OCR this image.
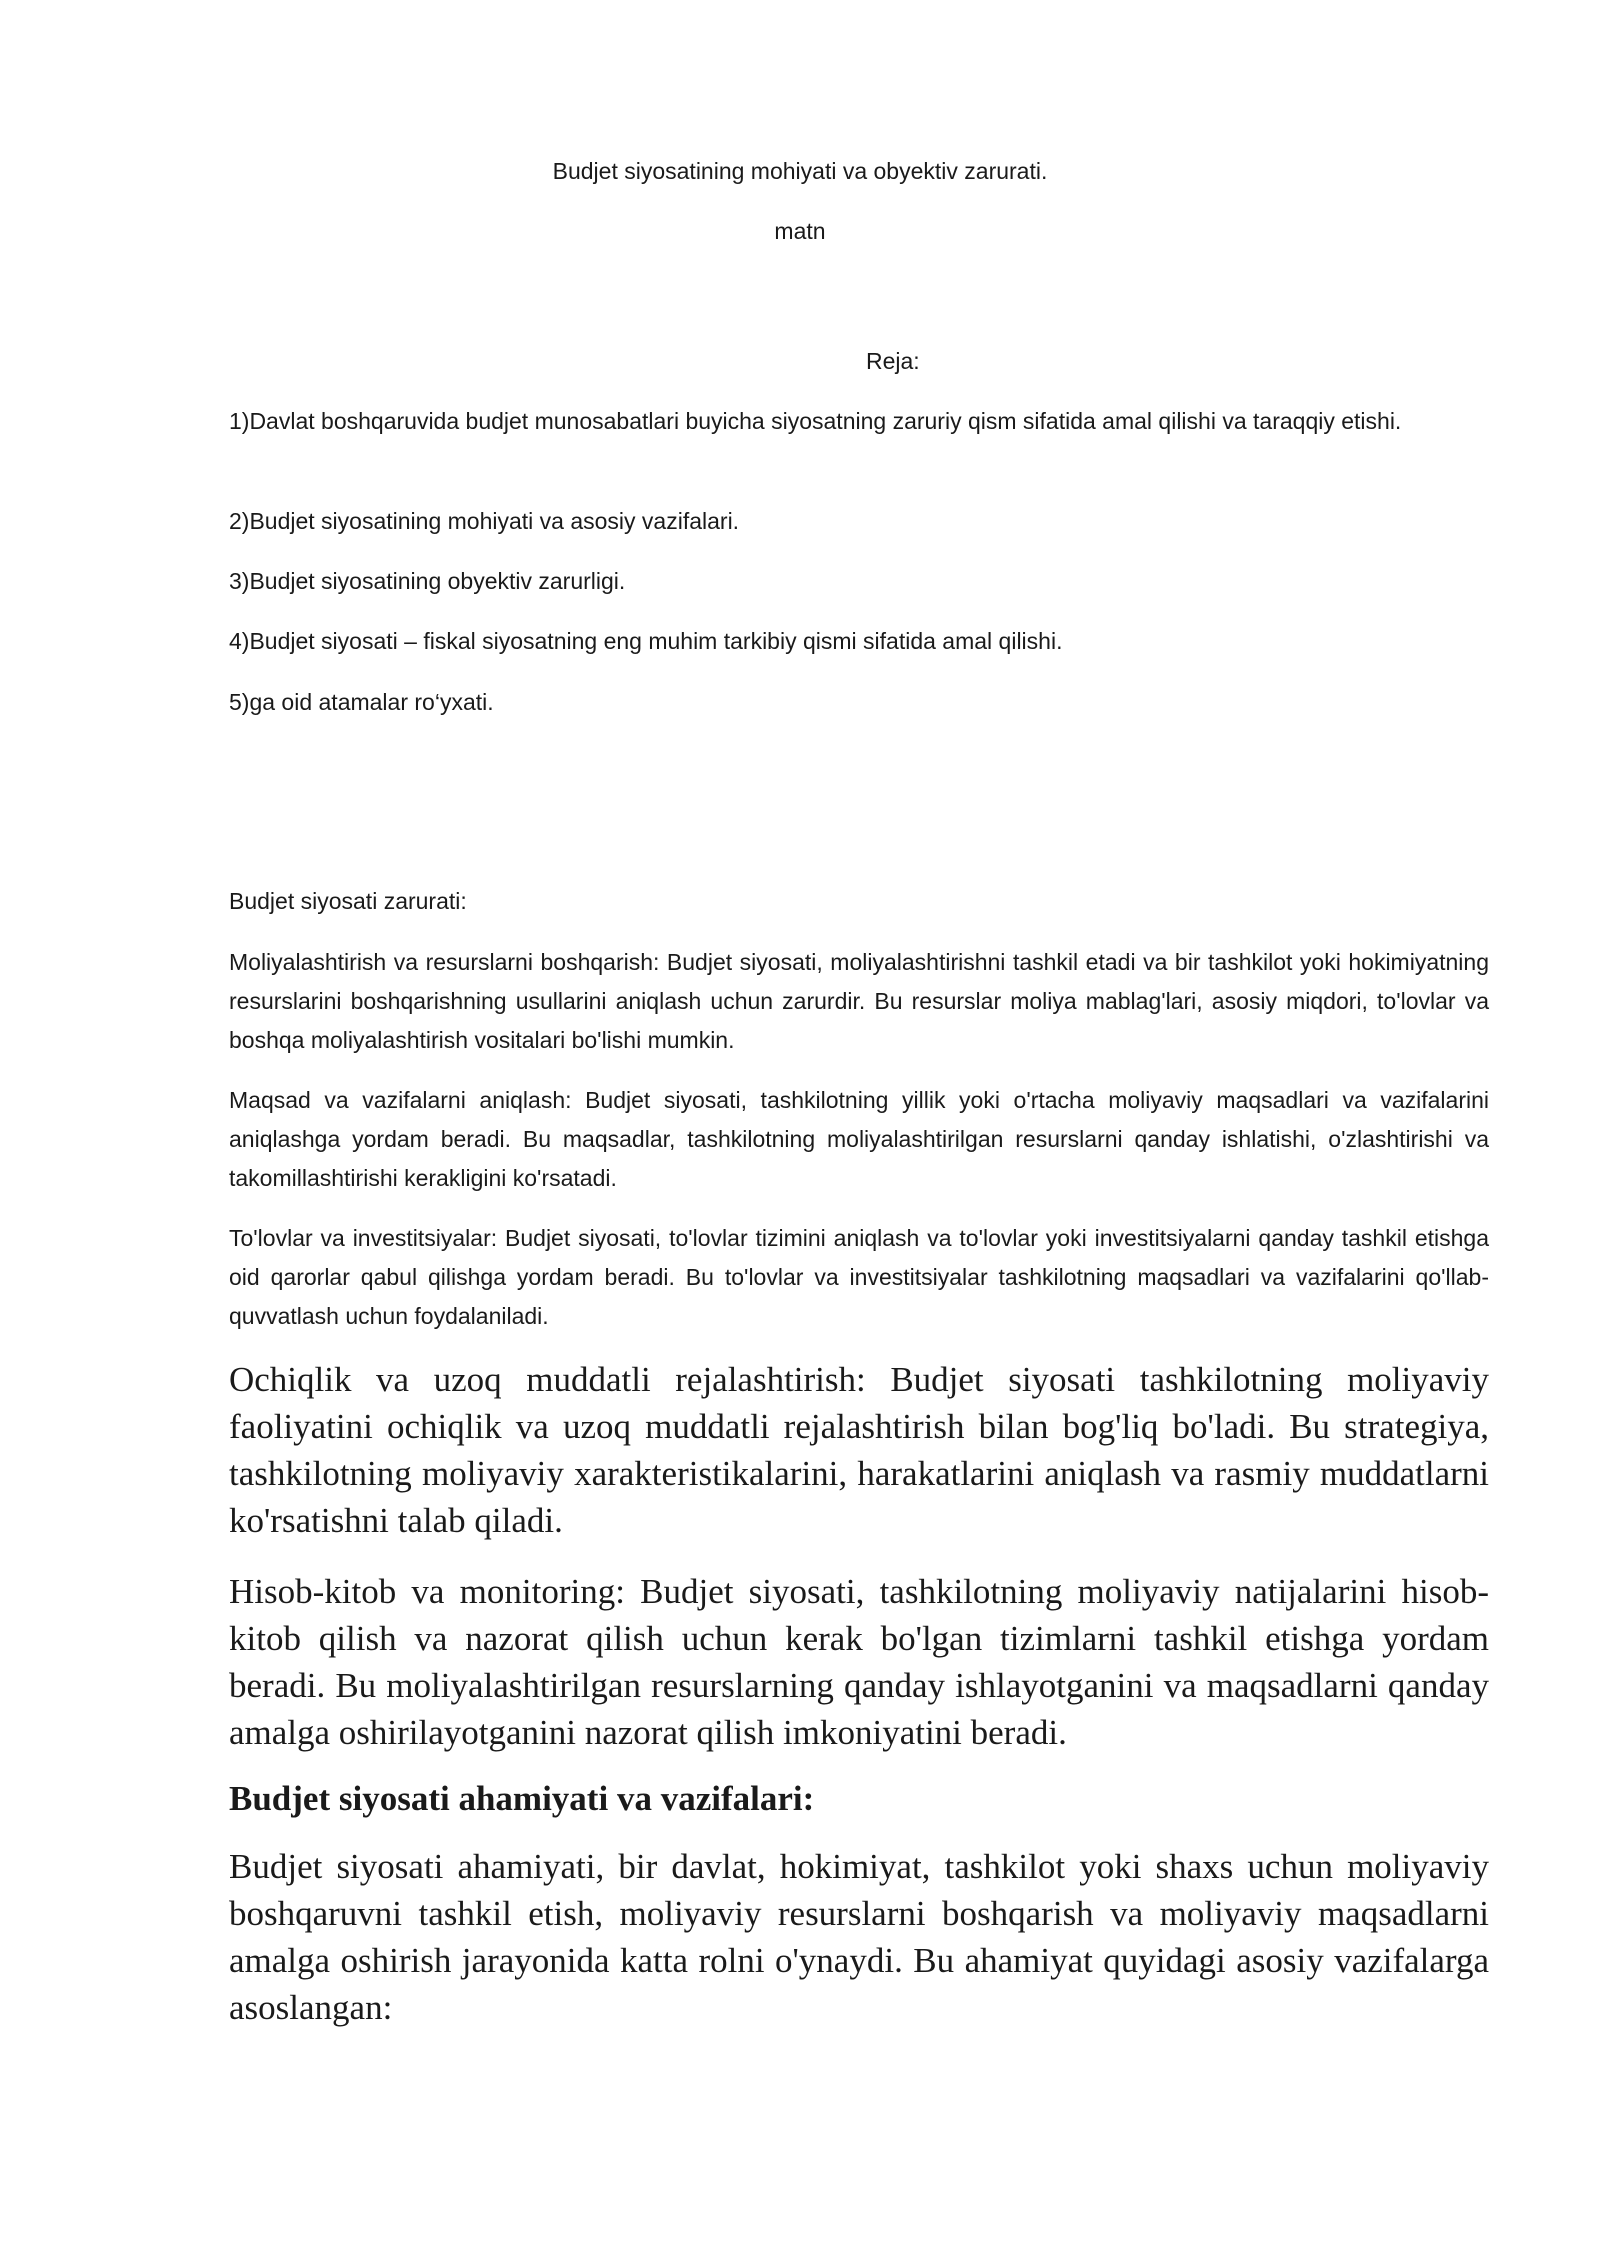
Budjet siyosatining mohiyati va obyektiv zarurati.
matn
Reja:

1)Davlat boshqaruvida budjet munosabatlari buyicha siyosatning zaruriy qism sifatida amal qilishi va taraqqiy etishi.

2)Budjet siyosatining mohiyati va asosiy vazifalari.

3)Budjet siyosatining obyektiv zarurligi.

4)Budjet siyosati – fiskal siyosatning eng muhim tarkibiy qismi sifatida amal qilishi.

5)ga oid atamalar ro‘yxati.

Budjet siyosati zarurati:

Moliyalashtirish va resurslarni boshqarish: Budjet siyosati, moliyalashtirishni tashkil etadi va bir tashkilot yoki hokimiyatning resurslarini boshqarishning usullarini aniqlash uchun zarurdir. Bu resurslar moliya mablag'lari, asosiy miqdori, to'lovlar va boshqa moliyalashtirish vositalari bo'lishi mumkin.

Maqsad va vazifalarni aniqlash: Budjet siyosati, tashkilotning yillik yoki o'rtacha moliyaviy maqsadlari va vazifalarini aniqlashga yordam beradi. Bu maqsadlar, tashkilotning moliyalashtirilgan resurslarni qanday ishlatishi, o'zlashtirishi va takomillashtirishi kerakligini ko'rsatadi.

To'lovlar va investitsiyalar: Budjet siyosati, to'lovlar tizimini aniqlash va to'lovlar yoki investitsiyalarni qanday tashkil etishga oid qarorlar qabul qilishga yordam beradi. Bu to'lovlar va investitsiyalar tashkilotning maqsadlari va vazifalarini qo'llab-quvvatlash uchun foydalaniladi.

Ochiqlik va uzoq muddatli rejalashtirish: Budjet siyosati tashkilotning moliyaviy faoliyatini ochiqlik va uzoq muddatli rejalashtirish bilan bog'liq bo'ladi. Bu strategiya, tashkilotning moliyaviy xarakteristikalarini, harakatlarini aniqlash va rasmiy muddatlarni ko'rsatishni talab qiladi.

Hisob-kitob va monitoring: Budjet siyosati, tashkilotning moliyaviy natijalarini hisob-kitob qilish va nazorat qilish uchun kerak bo'lgan tizimlarni tashkil etishga yordam beradi. Bu moliyalashtirilgan resurslarning qanday ishlayotganini va maqsadlarni qanday amalga oshirilayotganini nazorat qilish imkoniyatini beradi.

Budjet siyosati ahamiyati va vazifalari:

Budjet siyosati ahamiyati, bir davlat, hokimiyat, tashkilot yoki shaxs uchun moliyaviy boshqaruvni tashkil etish, moliyaviy resurslarni boshqarish va moliyaviy maqsadlarni amalga oshirish jarayonida katta rolni o'ynaydi. Bu ahamiyat quyidagi asosiy vazifalarga asoslangan:
